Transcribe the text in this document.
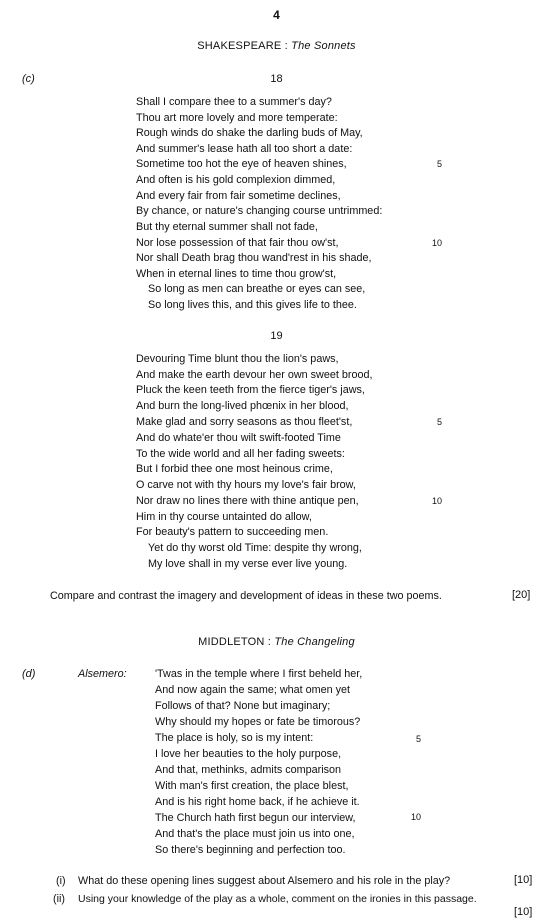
4
SHAKESPEARE : The Sonnets
(c)	18
Shall I compare thee to a summer's day?
Thou art more lovely and more temperate:
Rough winds do shake the darling buds of May,
And summer's lease hath all too short a date:
Sometime too hot the eye of heaven shines,
And often is his gold complexion dimmed,
And every fair from fair sometime declines,
By chance, or nature's changing course untrimmed:
But thy eternal summer shall not fade,
Nor lose possession of that fair thou ow'st,
Nor shall Death brag thou wand'rest in his shade,
When in eternal lines to time thou grow'st,
So long as men can breathe or eyes can see,
So long lives this, and this gives life to thee.
5
10
19
Devouring Time blunt thou the lion's paws,
And make the earth devour her own sweet brood,
Pluck the keen teeth from the fierce tiger's jaws,
And burn the long-lived phœnix in her blood,
Make glad and sorry seasons as thou fleet'st,
And do whate'er thou wilt swift-footed Time
To the wide world and all her fading sweets:
But I forbid thee one most heinous crime,
O carve not with thy hours my love's fair brow,
Nor draw no lines there with thine antique pen,
Him in thy course untainted do allow,
For beauty's pattern to succeeding men.
Yet do thy worst old Time: despite thy wrong,
My love shall in my verse ever live young.
5
10
Compare and contrast the imagery and development of ideas in these two poems.	[20]
MIDDLETON : The Changeling
(d)	Alsemero:	'Twas in the temple where I first beheld her,
And now again the same; what omen yet
Follows of that? None but imaginary;
Why should my hopes or fate be timorous?
The place is holy, so is my intent:
I love her beauties to the holy purpose,
And that, methinks, admits comparison
With man's first creation, the place blest,
And is his right home back, if he achieve it.
The Church hath first begun our interview,
And that's the place must join us into one,
So there's beginning and perfection too.
5
10
(i) What do these opening lines suggest about Alsemero and his role in the play?	[10]
(ii) Using your knowledge of the play as a whole, comment on the ironies in this passage.
[10]
